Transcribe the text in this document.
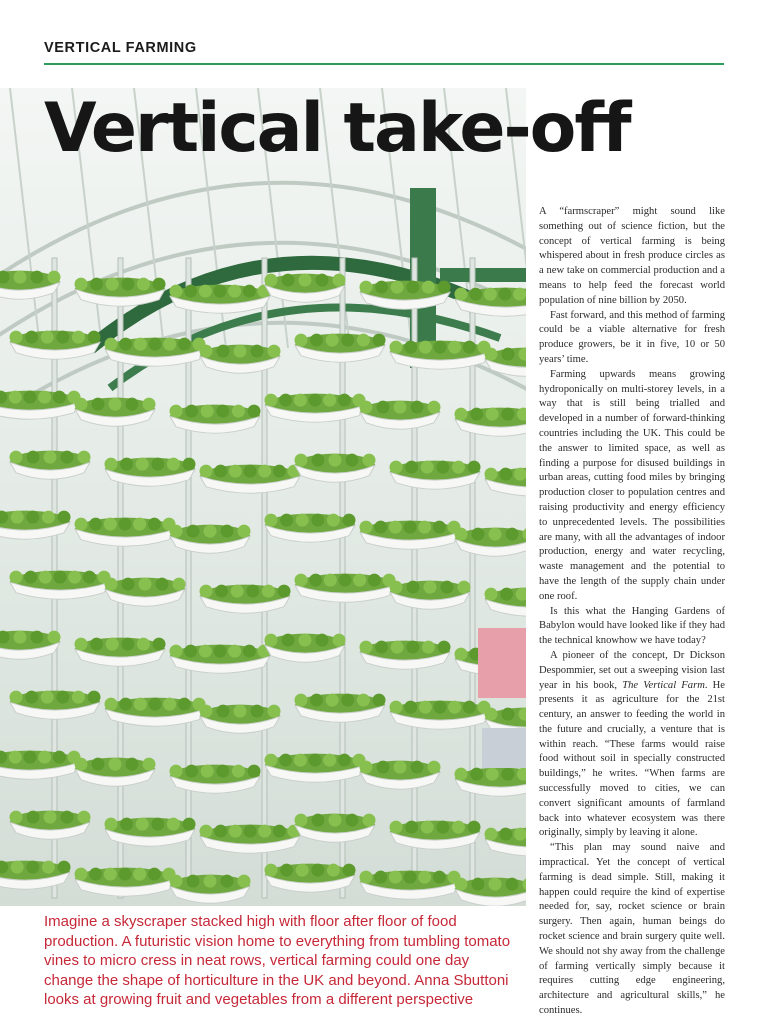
VERTICAL FARMING
Vertical take-off

Imagine a skyscraper stacked high with floor after floor of food production. A futuristic vision home to everything from tumbling tomato vines to micro cress in neat rows, vertical farming could one day change the shape of horticulture in the UK and beyond. Anna Sbuttoni looks at growing fruit and vegetables from a different perspective

A “farmscraper” might sound like something out of science fiction, but the concept of vertical farming is being whispered about in fresh produce circles as a new take on commercial production and a means to help feed the forecast world population of nine billion by 2050.

Fast forward, and this method of farming could be a viable alternative for fresh produce growers, be it in five, 10 or 50 years’ time.

Farming upwards means growing hydroponically on multi-storey levels, in a way that is still being trialled and developed in a number of forward-thinking countries including the UK. This could be the answer to limited space, as well as finding a purpose for disused buildings in urban areas, cutting food miles by bringing production closer to population centres and raising productivity and energy efficiency to unprecedented levels. The possibilities are many, with all the advantages of indoor production, energy and water recycling, waste management and the potential to have the length of the supply chain under one roof.

Is this what the Hanging Gardens of Babylon would have looked like if they had the technical knowhow we have today?

A pioneer of the concept, Dr Dickson Despommier, set out a sweeping vision last year in his book, The Vertical Farm. He presents it as agriculture for the 21st century, an answer to feeding the world in the future and crucially, a venture that is within reach. “These farms would raise food without soil in specially constructed buildings,” he writes. “When farms are successfully moved to cities, we can convert significant amounts of farmland back into whatever ecosystem was there originally, simply by leaving it alone.

“This plan may sound naive and impractical. Yet the concept of vertical farming is dead simple. Still, making it happen could require the kind of expertise needed for, say, rocket science or brain surgery. Then again, human beings do rocket science and brain surgery quite well. We should not shy away from the challenge of farming vertically simply because it requires cutting edge engineering, architecture and agricultural skills,” he continues.
